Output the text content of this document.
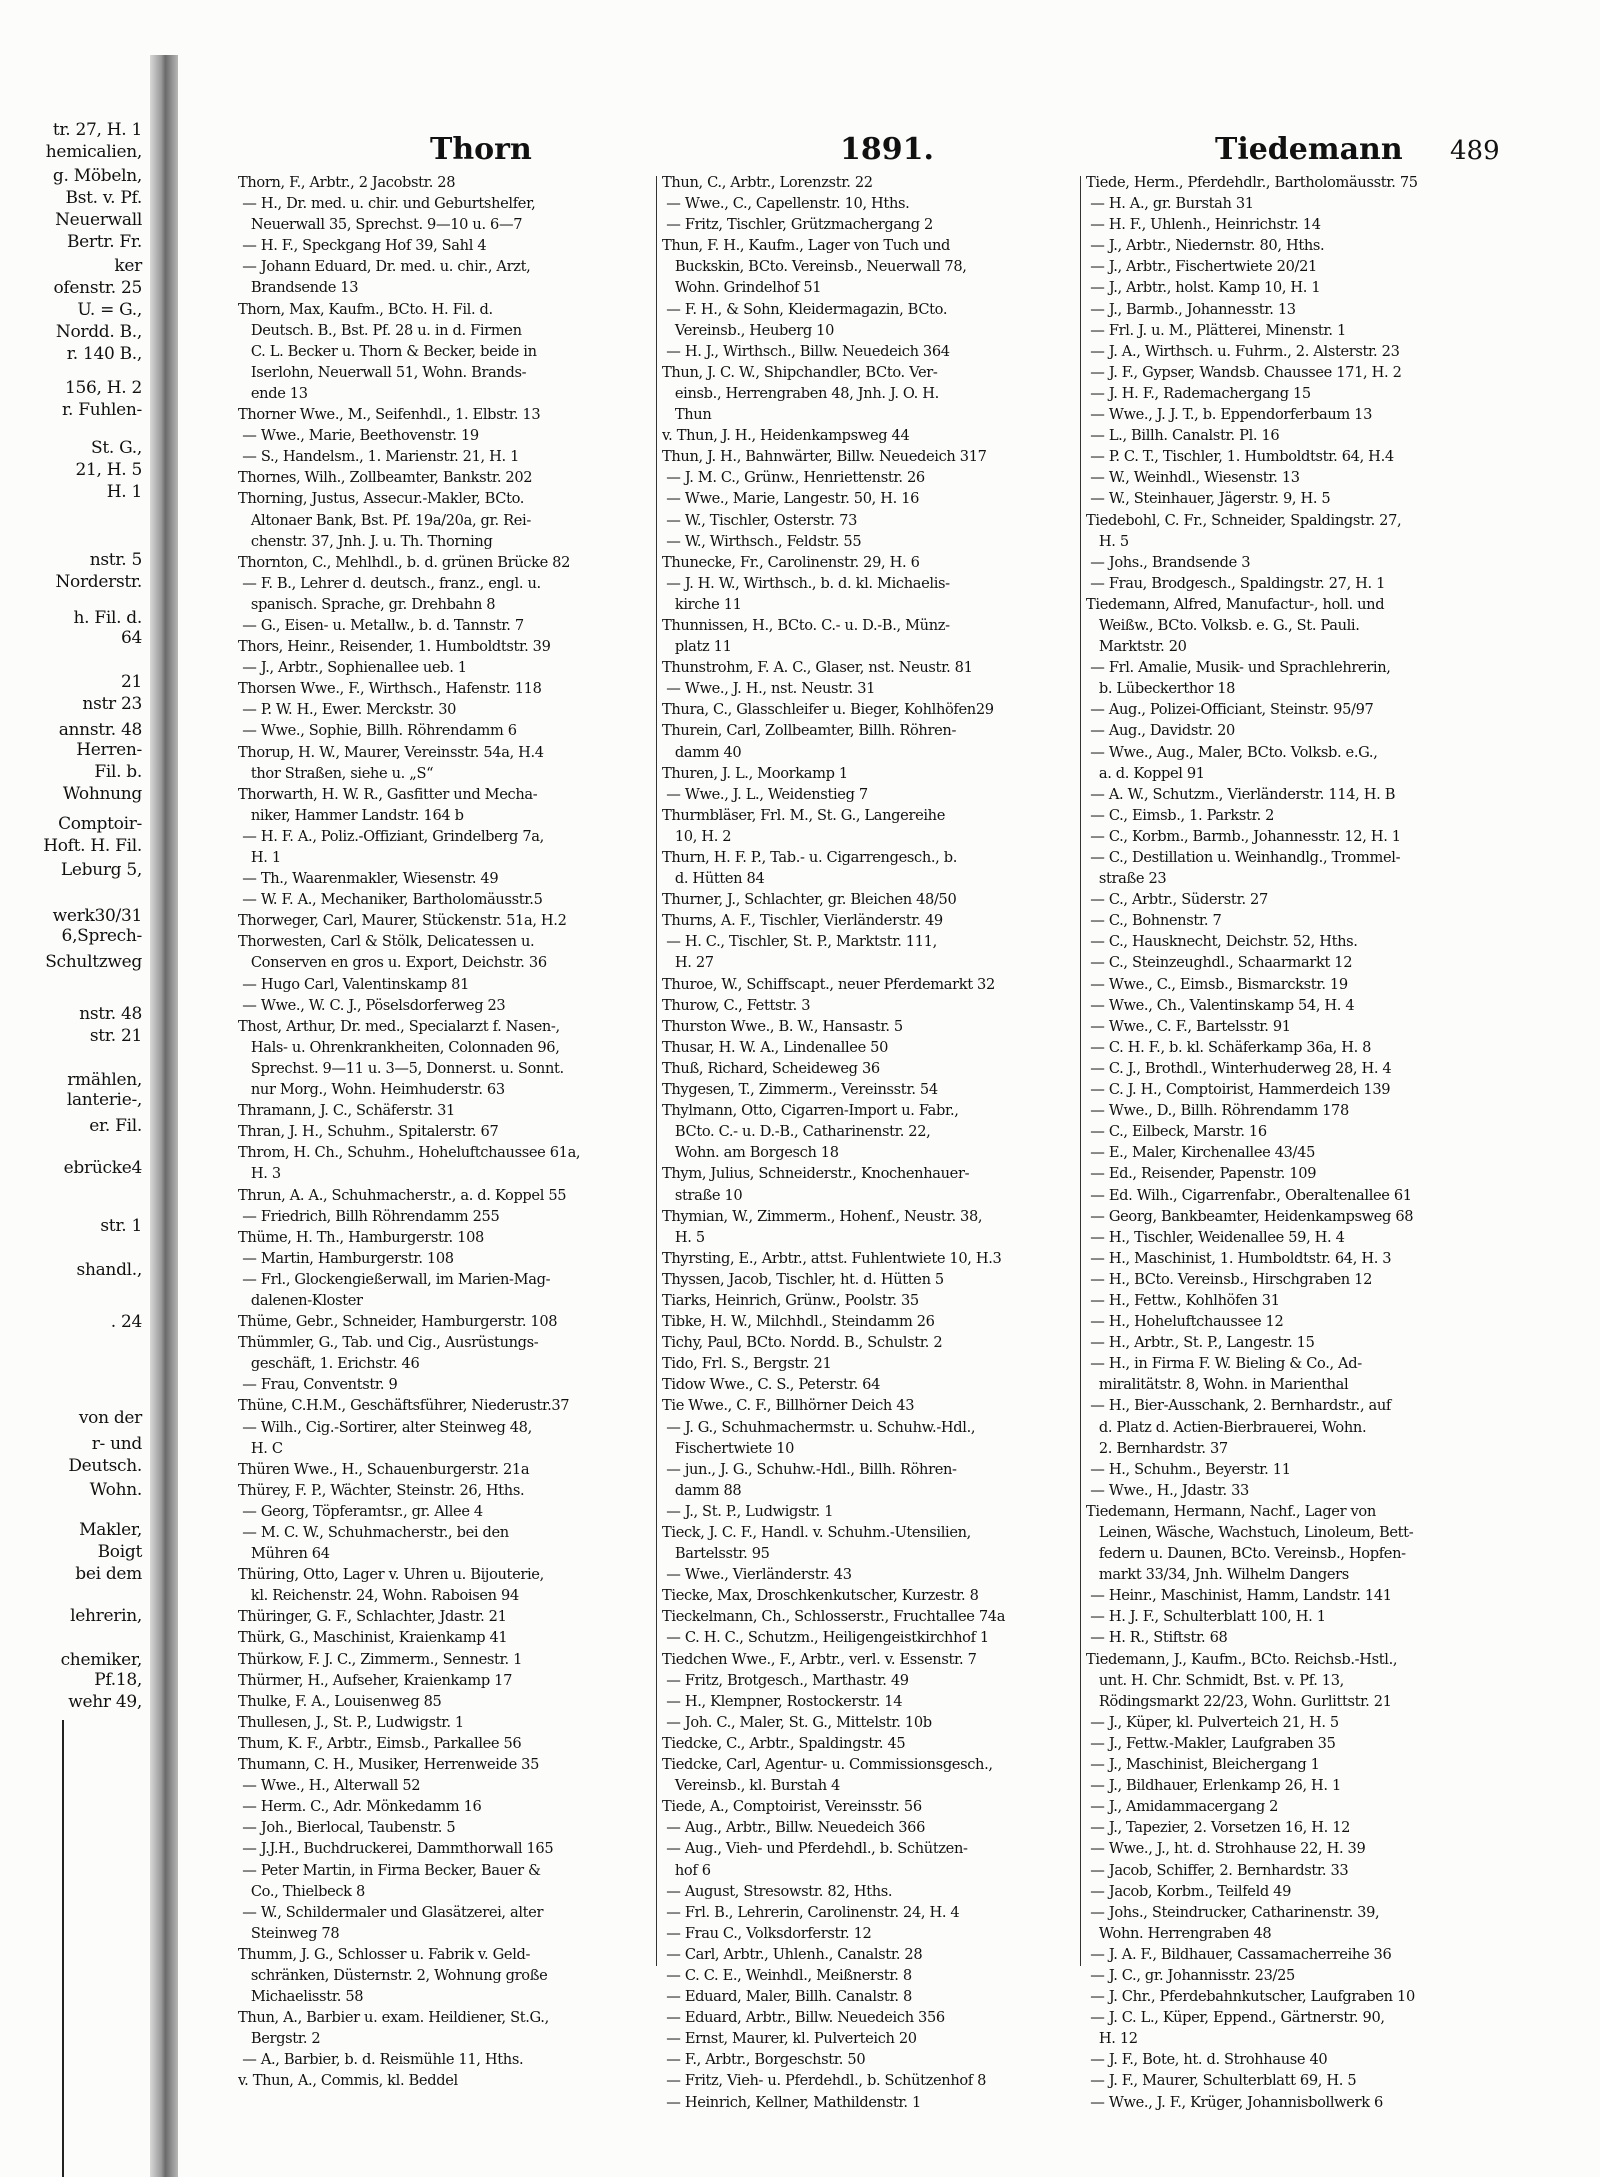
tr. 27, H. 1
hemicalien,
g. Möbeln,
Bst. v. Pf.
Neuerwall
Bertr. Fr.
ker
ofenstr. 25
U. = G.,
Nordd. B.,
r. 140 B.,
156, H. 2
r. Fuhlen-
St. G.,
21, H. 5
H. 1
nstr. 5
Norderstr.
h. Fil. d.
64
21
nstr 23
annstr. 48
Herren-
Fil. b.
Wohnung
Comptoir-
Hoft. H. Fil.
Leburg 5,
werk30/31
6,Sprech-
Schultzweg
nstr. 48
str. 21
rmählen,
lanterie-,
er. Fil.
ebrücke4
str. 1
shandl.,
. 24
von der
r- und
Deutsch.
Wohn.
Makler,
Boigt
bei dem
lehrerin,
chemiker,
Pf.18,
wehr 49,
Thorn	1891.	Tiedemann 489
Thorn, F., Arbtr., 2 Jacobstr. 28
— H., Dr. med. u. chir. und Geburtshelfer,
Neuerwall 35, Sprechst. 9—10 u. 6—7
— H. F., Speckgang Hof 39, Sahl 4
— Johann Eduard, Dr. med. u. chir., Arzt,
Brandsende 13
Thorn, Max, Kaufm., BCto. H. Fil. d.
Deutsch. B., Bst. Pf. 28 u. in d. Firmen
C. L. Becker u. Thorn & Becker, beide in
Iserlohn, Neuerwall 51, Wohn. Brands-
ende 13
Thorner Wwe., M., Seifenhdl., 1. Elbstr. 13
— Wwe., Marie, Beethovenstr. 19
— S., Handelsm., 1. Marienstr. 21, H. 1
Thornes, Wilh., Zollbeamter, Bankstr. 202
Thorning, Justus, Assecur.-Makler, BCto.
Altonaer Bank, Bst. Pf. 19a/20a, gr. Rei-
chenstr. 37, Jnh. J. u. Th. Thorning
Thornton, C., Mehlhdl., b. d. grünen Brücke 82
— F. B., Lehrer d. deutsch., franz., engl. u.
spanisch. Sprache, gr. Drehbahn 8
— G., Eisen- u. Metallw., b. d. Tannstr. 7
Thors, Heinr., Reisender, 1. Humboldtstr. 39
— J., Arbtr., Sophienallee ueb. 1
Thorsen Wwe., F., Wirthsch., Hafenstr. 118
— P. W. H., Ewer. Merckstr. 30
— Wwe., Sophie, Billh. Röhrendamm 6
Thorup, H. W., Maurer, Vereinsstr. 54a, H.4
thor Straßen, siehe u. „S“
Thorwarth, H. W. R., Gasfitter und Mecha-
niker, Hammer Landstr. 164 b
— H. F. A., Poliz.-Offiziant, Grindelberg 7a,
H. 1
— Th., Waarenmakler, Wiesenstr. 49
— W. F. A., Mechaniker, Bartholomäusstr.5
Thorweger, Carl, Maurer, Stückenstr. 51a, H.2
Thorwesten, Carl & Stölk, Delicatessen u.
Conserven en gros u. Export, Deichstr. 36
— Hugo Carl, Valentinskamp 81
— Wwe., W. C. J., Pöselsdorferweg 23
Thost, Arthur, Dr. med., Specialarzt f. Nasen-,
Hals- u. Ohrenkrankheiten, Colonnaden 96,
Sprechst. 9—11 u. 3—5, Donnerst. u. Sonnt.
nur Morg., Wohn. Heimhuderstr. 63
Thramann, J. C., Schäferstr. 31
Thran, J. H., Schuhm., Spitalerstr. 67
Throm, H. Ch., Schuhm., Hoheluftchaussee 61a,
H. 3
Thrun, A. A., Schuhmacherstr., a. d. Koppel 55
— Friedrich, Billh Röhrendamm 255
Thüme, H. Th., Hamburgerstr. 108
— Martin, Hamburgerstr. 108
— Frl., Glockengießerwall, im Marien-Mag-
dalenen-Kloster
Thüme, Gebr., Schneider, Hamburgerstr. 108
Thümmler, G., Tab. und Cig., Ausrüstungs-
geschäft, 1. Erichstr. 46
— Frau, Conventstr. 9
Thüne, C.H.M., Geschäftsführer, Niederustr.37
— Wilh., Cig.-Sortirer, alter Steinweg 48,
H. C
Thüren Wwe., H., Schauenburgerstr. 21a
Thürey, F. P., Wächter, Steinstr. 26, Hths.
— Georg, Töpferamtsr., gr. Allee 4
— M. C. W., Schuhmacherstr., bei den
Mühren 64
Thüring, Otto, Lager v. Uhren u. Bijouterie,
kl. Reichenstr. 24, Wohn. Raboisen 94
Thüringer, G. F., Schlachter, Jdastr. 21
Thürk, G., Maschinist, Kraienkamp 41
Thürkow, F. J. C., Zimmerm., Sennestr. 1
Thürmer, H., Aufseher, Kraienkamp 17
Thulke, F. A., Louisenweg 85
Thullesen, J., St. P., Ludwigstr. 1
Thum, K. F., Arbtr., Eimsb., Parkallee 56
Thumann, C. H., Musiker, Herrenweide 35
— Wwe., H., Alterwall 52
— Herm. C., Adr. Mönkedamm 16
— Joh., Bierlocal, Taubenstr. 5
— J.J.H., Buchdruckerei, Dammthorwall 165
— Peter Martin, in Firma Becker, Bauer &
Co., Thielbeck 8
— W., Schildermaler und Glasätzerei, alter
Steinweg 78
Thumm, J. G., Schlosser u. Fabrik v. Geld-
schränken, Düsternstr. 2, Wohnung große
Michaelisstr. 58
Thun, A., Barbier u. exam. Heildiener, St.G.,
Bergstr. 2
— A., Barbier, b. d. Reismühle 11, Hths.
v. Thun, A., Commis, kl. Beddel
Thun, C., Arbtr., Lorenzstr. 22
— Wwe., C., Capellenstr. 10, Hths.
— Fritz, Tischler, Grützmachergang 2
Thun, F. H., Kaufm., Lager von Tuch und
Buckskin, BCto. Vereinsb., Neuerwall 78,
Wohn. Grindelhof 51
— F. H., & Sohn, Kleidermagazin, BCto.
Vereinsb., Heuberg 10
— H. J., Wirthsch., Billw. Neuedeich 364
Thun, J. C. W., Shipchandler, BCto. Ver-
einsb., Herrengraben 48, Jnh. J. O. H.
Thun
v. Thun, J. H., Heidenkampsweg 44
Thun, J. H., Bahnwärter, Billw. Neuedeich 317
— J. M. C., Grünw., Henriettenstr. 26
— Wwe., Marie, Langestr. 50, H. 16
— W., Tischler, Osterstr. 73
— W., Wirthsch., Feldstr. 55
Thunecke, Fr., Carolinenstr. 29, H. 6
— J. H. W., Wirthsch., b. d. kl. Michaelis-
kirche 11
Thunnissen, H., BCto. C.- u. D.-B., Münz-
platz 11
Thunstrohm, F. A. C., Glaser, nst. Neustr. 81
— Wwe., J. H., nst. Neustr. 31
Thura, C., Glasschleifer u. Bieger, Kohlhöfen29
Thurein, Carl, Zollbeamter, Billh. Röhren-
damm 40
Thuren, J. L., Moorkamp 1
— Wwe., J. L., Weidenstieg 7
Thurmbläser, Frl. M., St. G., Langereihe
10, H. 2
Thurn, H. F. P., Tab.- u. Cigarrengesch., b.
d. Hütten 84
Thurner, J., Schlachter, gr. Bleichen 48/50
Thurns, A. F., Tischler, Vierländerstr. 49
— H. C., Tischler, St. P., Marktstr. 111,
H. 27
Thuroe, W., Schiffscapt., neuer Pferdemarkt 32
Thurow, C., Fettstr. 3
Thurston Wwe., B. W., Hansastr. 5
Thusar, H. W. A., Lindenallee 50
Thuß, Richard, Scheideweg 36
Thygesen, T., Zimmerm., Vereinsstr. 54
Thylmann, Otto, Cigarren-Import u. Fabr.,
BCto. C.- u. D.-B., Catharinenstr. 22,
Wohn. am Borgesch 18
Thym, Julius, Schneiderstr., Knochenhauer-
straße 10
Thymian, W., Zimmerm., Hohenf., Neustr. 38,
H. 5
Thyrsting, E., Arbtr., attst. Fuhlentwiete 10, H.3
Thyssen, Jacob, Tischler, ht. d. Hütten 5
Tiarks, Heinrich, Grünw., Poolstr. 35
Tibke, H. W., Milchhdl., Steindamm 26
Tichy, Paul, BCto. Nordd. B., Schulstr. 2
Tido, Frl. S., Bergstr. 21
Tidow Wwe., C. S., Peterstr. 64
Tie Wwe., C. F., Billhörner Deich 43
— J. G., Schuhmachermstr. u. Schuhw.-Hdl.,
Fischertwiete 10
— jun., J. G., Schuhw.-Hdl., Billh. Röhren-
damm 88
— J., St. P., Ludwigstr. 1
Tieck, J. C. F., Handl. v. Schuhm.-Utensilien,
Bartelsstr. 95
— Wwe., Vierländerstr. 43
Tiecke, Max, Droschkenkutscher, Kurzestr. 8
Tieckelmann, Ch., Schlosserstr., Fruchtallee 74a
— C. H. C., Schutzm., Heiligengeistkirchhof 1
Tiedchen Wwe., F., Arbtr., verl. v. Essenstr. 7
— Fritz, Brotgesch., Marthastr. 49
— H., Klempner, Rostockerstr. 14
— Joh. C., Maler, St. G., Mittelstr. 10b
Tiedcke, C., Arbtr., Spaldingstr. 45
Tiedcke, Carl, Agentur- u. Commissionsgesch.,
Vereinsb., kl. Burstah 4
Tiede, A., Comptoirist, Vereinsstr. 56
— Aug., Arbtr., Billw. Neuedeich 366
— Aug., Vieh- und Pferdehdl., b. Schützen-
hof 6
— August, Stresowstr. 82, Hths.
— Frl. B., Lehrerin, Carolinenstr. 24, H. 4
— Frau C., Volksdorferstr. 12
— Carl, Arbtr., Uhlenh., Canalstr. 28
— C. C. E., Weinhdl., Meißnerstr. 8
— Eduard, Maler, Billh. Canalstr. 8
— Eduard, Arbtr., Billw. Neuedeich 356
— Ernst, Maurer, kl. Pulverteich 20
— F., Arbtr., Borgeschstr. 50
— Fritz, Vieh- u. Pferdehdl., b. Schützenhof 8
— Heinrich, Kellner, Mathildenstr. 1
Tiede, Herm., Pferdehdlr., Bartholomäusstr. 75
— H. A., gr. Burstah 31
— H. F., Uhlenh., Heinrichstr. 14
— J., Arbtr., Niedernstr. 80, Hths.
— J., Arbtr., Fischertwiete 20/21
— J., Arbtr., holst. Kamp 10, H. 1
— J., Barmb., Johannesstr. 13
— Frl. J. u. M., Plätterei, Minenstr. 1
— J. A., Wirthsch. u. Fuhrm., 2. Alsterstr. 23
— J. F., Gypser, Wandsb. Chaussee 171, H. 2
— J. H. F., Rademachergang 15
— Wwe., J. J. T., b. Eppendorferbaum 13
— L., Billh. Canalstr. Pl. 16
— P. C. T., Tischler, 1. Humboldtstr. 64, H.4
— W., Weinhdl., Wiesenstr. 13
— W., Steinhauer, Jägerstr. 9, H. 5
Tiedebohl, C. Fr., Schneider, Spaldingstr. 27,
H. 5
— Johs., Brandsende 3
— Frau, Brodgesch., Spaldingstr. 27, H. 1
Tiedemann, Alfred, Manufactur-, holl. und
Weißw., BCto. Volksb. e. G., St. Pauli.
Marktstr. 20
— Frl. Amalie, Musik- und Sprachlehrerin,
b. Lübeckerthor 18
— Aug., Polizei-Officiant, Steinstr. 95/97
— Aug., Davidstr. 20
— Wwe., Aug., Maler, BCto. Volksb. e.G.,
a. d. Koppel 91
— A. W., Schutzm., Vierländerstr. 114, H. B
— C., Eimsb., 1. Parkstr. 2
— C., Korbm., Barmb., Johannesstr. 12, H. 1
— C., Destillation u. Weinhandlg., Trommel-
straße 23
— C., Arbtr., Süderstr. 27
— C., Bohnenstr. 7
— C., Hausknecht, Deichstr. 52, Hths.
— C., Steinzeughdl., Schaarmarkt 12
— Wwe., C., Eimsb., Bismarckstr. 19
— Wwe., Ch., Valentinskamp 54, H. 4
— Wwe., C. F., Bartelsstr. 91
— C. H. F., b. kl. Schäferkamp 36a, H. 8
— C. J., Brothdl., Winterhuderweg 28, H. 4
— C. J. H., Comptoirist, Hammerdeich 139
— Wwe., D., Billh. Röhrendamm 178
— C., Eilbeck, Marstr. 16
— E., Maler, Kirchenallee 43/45
— Ed., Reisender, Papenstr. 109
— Ed. Wilh., Cigarrenfabr., Oberaltenallee 61
— Georg, Bankbeamter, Heidenkampsweg 68
— H., Tischler, Weidenallee 59, H. 4
— H., Maschinist, 1. Humboldtstr. 64, H. 3
— H., BCto. Vereinsb., Hirschgraben 12
— H., Fettw., Kohlhöfen 31
— H., Hoheluftchaussee 12
— H., Arbtr., St. P., Langestr. 15
— H., in Firma F. W. Bieling & Co., Ad-
miralitätstr. 8, Wohn. in Marienthal
— H., Bier-Ausschank, 2. Bernhardstr., auf
d. Platz d. Actien-Bierbrauerei, Wohn.
2. Bernhardstr. 37
— H., Schuhm., Beyerstr. 11
— Wwe., H., Jdastr. 33
Tiedemann, Hermann, Nachf., Lager von
Leinen, Wäsche, Wachstuch, Linoleum, Bett-
federn u. Daunen, BCto. Vereinsb., Hopfen-
markt 33/34, Jnh. Wilhelm Dangers
— Heinr., Maschinist, Hamm, Landstr. 141
— H. J. F., Schulterblatt 100, H. 1
— H. R., Stiftstr. 68
Tiedemann, J., Kaufm., BCto. Reichsb.-Hstl.,
unt. H. Chr. Schmidt, Bst. v. Pf. 13,
Rödingsmarkt 22/23, Wohn. Gurlittstr. 21
— J., Küper, kl. Pulverteich 21, H. 5
— J., Fettw.-Makler, Laufgraben 35
— J., Maschinist, Bleichergang 1
— J., Bildhauer, Erlenkamp 26, H. 1
— J., Amidammacergang 2
— J., Tapezier, 2. Vorsetzen 16, H. 12
— Wwe., J., ht. d. Strohhause 22, H. 39
— Jacob, Schiffer, 2. Bernhardstr. 33
— Jacob, Korbm., Teilfeld 49
— Johs., Steindrucker, Catharinenstr. 39,
Wohn. Herrengraben 48
— J. A. F., Bildhauer, Cassamacherreihe 36
— J. C., gr. Johannisstr. 23/25
— J. Chr., Pferdebahnkutscher, Laufgraben 10
— J. C. L., Küper, Eppend., Gärtnerstr. 90,
H. 12
— J. F., Bote, ht. d. Strohhause 40
— J. F., Maurer, Schulterblatt 69, H. 5
— Wwe., J. F., Krüger, Johannisbollwerk 6
